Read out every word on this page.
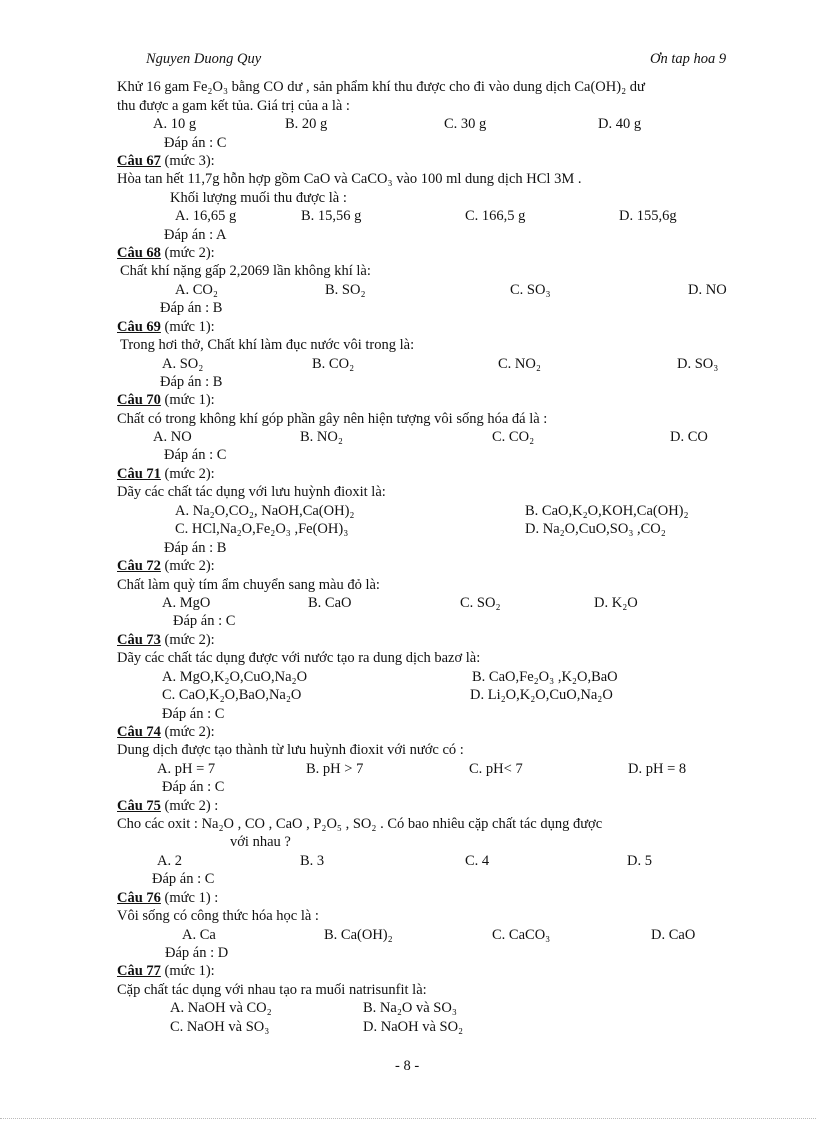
Nguyen Duong Quy	Ơn tap hoa 9
Khử 16 gam Fe₂O₃ bằng CO dư , sản phẩm khí thu được cho đi vào dung dịch Ca(OH)₂ dư
thu được a gam kết tủa. Giá trị của a là :
A. 10 g	B. 20 g	C. 30 g	D. 40 g
Đáp án : C
Câu 67 (mức 3):
Hòa tan hết 11,7g hỗn hợp gồm CaO và CaCO₃ vào 100 ml dung dịch HCl 3M .
Khối lượng muối thu được là :
A. 16,65 g	B. 15,56 g	C. 166,5 g	D. 155,6g
Đáp án : A
Câu 68 (mức 2):
Chất khí nặng gấp 2,2069 lần không khí là:
A. CO₂	B. SO₂	C. SO₃	D. NO
Đáp án : B
Câu 69 (mức 1):
Trong hơi thở, Chất khí làm đục nước vôi trong là:
A. SO₂	B. CO₂	C. NO₂	D. SO₃
Đáp án : B
Câu 70 (mức 1):
Chất có trong không khí góp phần gây nên hiện tượng vôi sống hóa đá là :
A. NO	B. NO₂	C. CO₂	D. CO
Đáp án : C
Câu 71 (mức 2):
Dãy các chất tác dụng với lưu huỳnh đioxit là:
A. Na₂O,CO₂, NaOH,Ca(OH)₂	B. CaO,K₂O,KOH,Ca(OH)₂
C. HCl,Na₂O,Fe₂O₃ ,Fe(OH)₃	D. Na₂O,CuO,SO₃ ,CO₂
Đáp án : B
Câu 72 (mức 2):
Chất làm quỳ tím ẩm chuyển sang màu đỏ là:
A. MgO	B. CaO	C. SO₂	D. K₂O
Đáp án : C
Câu 73 (mức 2):
Dãy các chất tác dụng được với nước tạo ra dung dịch bazơ là:
A. MgO,K₂O,CuO,Na₂O	B. CaO,Fe₂O₃ ,K₂O,BaO
C. CaO,K₂O,BaO,Na₂O	D. Li₂O,K₂O,CuO,Na₂O
Đáp án : C
Câu 74 (mức 2):
Dung dịch được tạo thành từ lưu huỳnh đioxit với nước có :
A. pH = 7	B. pH > 7	C. pH< 7	D. pH = 8
Đáp án : C
Câu 75 (mức 2) :
Cho các oxit : Na₂O , CO , CaO , P₂O₅ , SO₂ . Có bao nhiêu cặp chất tác dụng được
với nhau ?
A. 2	B. 3	C. 4	D. 5
Đáp án : C
Câu 76 (mức 1) :
Vôi sống có công thức hóa học là :
A. Ca	B. Ca(OH)₂	C. CaCO₃	D. CaO
Đáp án : D
Câu 77 (mức 1):
Cặp chất tác dụng với nhau tạo ra muối natrisunfit là:
A. NaOH và CO₂	B. Na₂O và SO₃
C. NaOH và SO₃	D. NaOH và SO₂
- 8 -
